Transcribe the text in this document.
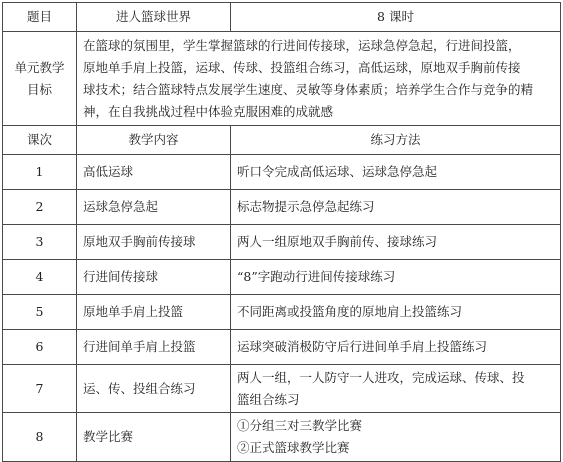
题目	进人篮球世界	8 课时

单元教学
目标	在篮球的氛围里，学生掌握篮球的行进间传接球，运球急停急起，行进间投篮，
原地单手肩上投篮，运球、传球、投篮组合练习，高低运球，原地双手胸前传接
球技术；结合篮球特点发展学生速度、灵敏等身体素质；培养学生合作与竞争的精
神，在自我挑战过程中体验克服困难的成就感	

课次	教学内容	练习方法
1	高低运球	听口令完成高低运球、运球急停急起
2	运球急停急起	标志物提示急停急起练习
3	原地双手胸前传接球	两人一组原地双手胸前传、接球练习
4	行进间传接球	“8”字跑动行进间传接球练习
5	原地单手肩上投篮	不同距离或投篮角度的原地肩上投篮练习
6	行进间单手肩上投篮	运球突破消极防守后行进间单手肩上投篮练习
7	运、传、投组合练习	两人一组，一人防守一人进攻，完成运球、传球、投
篮组合练习

8	教学比赛	①分组三对三教学比赛
②正式篮球教学比赛
